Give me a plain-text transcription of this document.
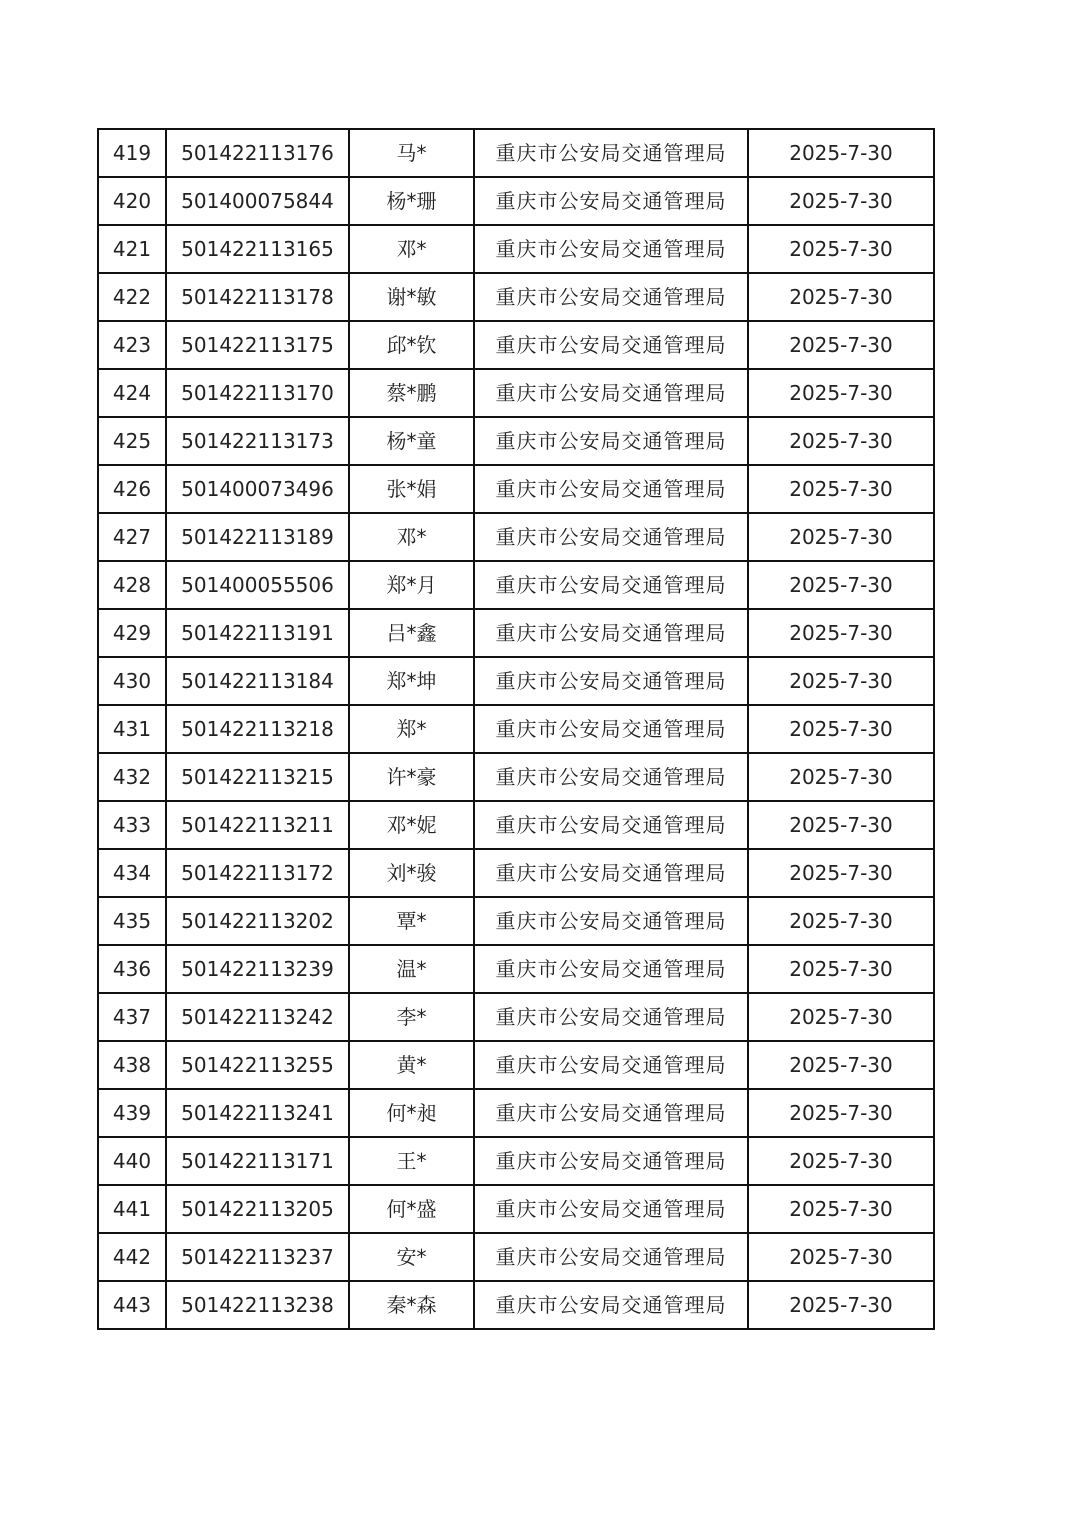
419	501422113176	马*	重庆市公安局交通管理局	2025-7-30
420	501400075844	杨*珊	重庆市公安局交通管理局	2025-7-30
421	501422113165	邓*	重庆市公安局交通管理局	2025-7-30
422	501422113178	谢*敏	重庆市公安局交通管理局	2025-7-30
423	501422113175	邱*钦	重庆市公安局交通管理局	2025-7-30
424	501422113170	蔡*鹏	重庆市公安局交通管理局	2025-7-30
425	501422113173	杨*童	重庆市公安局交通管理局	2025-7-30
426	501400073496	张*娟	重庆市公安局交通管理局	2025-7-30
427	501422113189	邓*	重庆市公安局交通管理局	2025-7-30
428	501400055506	郑*月	重庆市公安局交通管理局	2025-7-30
429	501422113191	吕*鑫	重庆市公安局交通管理局	2025-7-30
430	501422113184	郑*坤	重庆市公安局交通管理局	2025-7-30
431	501422113218	郑*	重庆市公安局交通管理局	2025-7-30
432	501422113215	许*豪	重庆市公安局交通管理局	2025-7-30
433	501422113211	邓*妮	重庆市公安局交通管理局	2025-7-30
434	501422113172	刘*骏	重庆市公安局交通管理局	2025-7-30
435	501422113202	覃*	重庆市公安局交通管理局	2025-7-30
436	501422113239	温*	重庆市公安局交通管理局	2025-7-30
437	501422113242	李*	重庆市公安局交通管理局	2025-7-30
438	501422113255	黄*	重庆市公安局交通管理局	2025-7-30
439	501422113241	何*昶	重庆市公安局交通管理局	2025-7-30
440	501422113171	王*	重庆市公安局交通管理局	2025-7-30
441	501422113205	何*盛	重庆市公安局交通管理局	2025-7-30
442	501422113237	安*	重庆市公安局交通管理局	2025-7-30
443	501422113238	秦*森	重庆市公安局交通管理局	2025-7-30
